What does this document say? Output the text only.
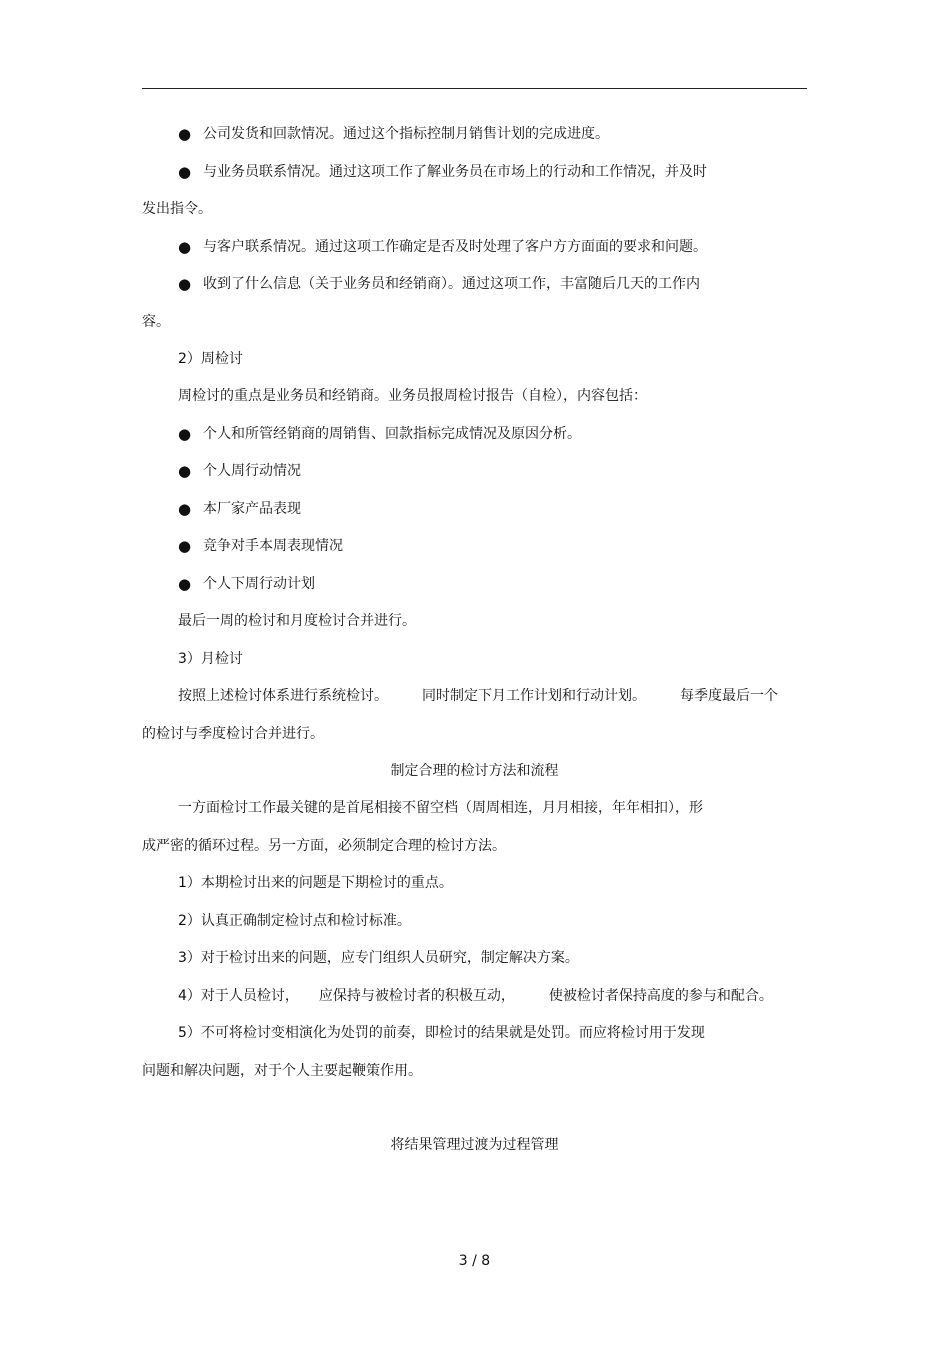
● 公司发货和回款情况。通过这个指标控制月销售计划的完成进度。
● 与业务员联系情况。通过这项工作了解业务员在市场上的行动和工作情况，并及时
发出指令。
● 与客户联系情况。通过这项工作确定是否及时处理了客户方方面面的要求和问题。
● 收到了什么信息（关于业务员和经销商）。通过这项工作，丰富随后几天的工作内
容。
2）周检讨
周检讨的重点是业务员和经销商。业务员报周检讨报告（自检），内容包括：
● 个人和所管经销商的周销售、回款指标完成情况及原因分析。
● 个人周行动情况
● 本厂家产品表现
● 竞争对手本周表现情况
● 个人下周行动计划
最后一周的检讨和月度检讨合并进行。
3）月检讨
按照上述检讨体系进行系统检讨。 同时制定下月工作计划和行动计划。 每季度最后一个
的检讨与季度检讨合并进行。
制定合理的检讨方法和流程
一方面检讨工作最关键的是首尾相接不留空档（周周相连，月月相接，年年相扣），形
成严密的循环过程。另一方面，必须制定合理的检讨方法。
1）本期检讨出来的问题是下期检讨的重点。
2）认真正确制定检讨点和检讨标准。
3）对于检讨出来的问题，应专门组织人员研究，制定解决方案。
4）对于人员检讨， 应保持与被检讨者的积极互动， 使被检讨者保持高度的参与和配合。
5）不可将检讨变相演化为处罚的前奏，即检讨的结果就是处罚。而应将检讨用于发现
问题和解决问题，对于个人主要起鞭策作用。
将结果管理过渡为过程管理
3 / 8
